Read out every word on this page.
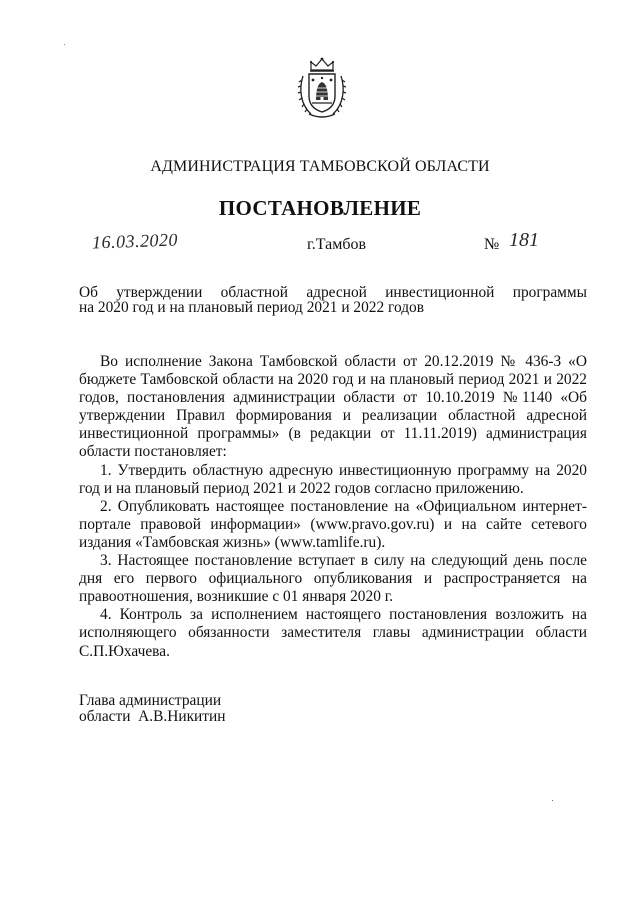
АДМИНИСТРАЦИЯ ТАМБОВСКОЙ ОБЛАСТИ
ПОСТАНОВЛЕНИЕ
16.03.2020	г.Тамбов	№ 181
Об утверждении областной адресной инвестиционной программы
на 2020 год и на плановый период 2021 и 2022 годов

Во исполнение Закона Тамбовской области от 20.12.2019 № 436-З «О бюджете Тамбовской области на 2020 год и на плановый период 2021 и 2022 годов, постановления администрации области от 10.10.2019 №1140 «Об утверждении Правил формирования и реализации областной адресной инвестиционной программы» (в редакции от 11.11.2019) администрация области постановляет:

1. Утвердить областную адресную инвестиционную программу на 2020 год и на плановый период 2021 и 2022 годов согласно приложению.

2. Опубликовать настоящее постановление на «Официальном интернет-портале правовой информации» (www.pravo.gov.ru) и на сайте сетевого издания «Тамбовская жизнь» (www.tamlife.ru).

3. Настоящее постановление вступает в силу на следующий день после дня его первого официального опубликования и распространяется на правоотношения, возникшие с 01 января 2020 г.

4. Контроль за исполнением настоящего постановления возложить на исполняющего обязанности заместителя главы администрации области С.П.Юхачева.

Глава администрации
области  А.В.Никитин
